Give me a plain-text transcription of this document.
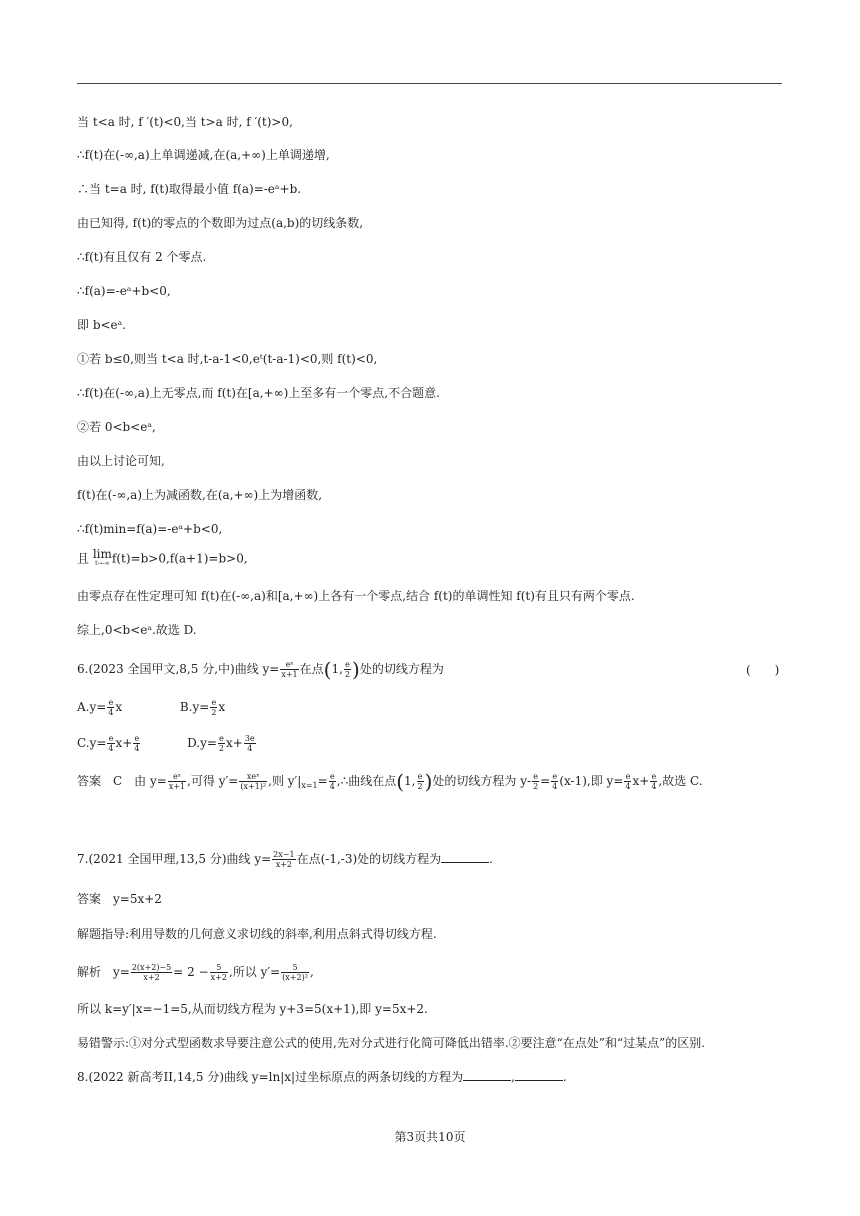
当 t<a 时, f ′(t)<0,当 t>a 时, f ′(t)>0,
∴f(t)在(-∞,a)上单调递减,在(a,+∞)上单调递增,
∴当 t=a 时, f(t)取得最小值 f(a)=-eᵃ+b.
由已知得, f(t)的零点的个数即为过点(a,b)的切线条数,
∴f(t)有且仅有 2 个零点.
∴f(a)=-eᵃ+b<0,
即 b<eᵃ.
①若 b≤0,则当 t<a 时,t-a-1<0,eᵗ(t-a-1)<0,则 f(t)<0,
∴f(t)在(-∞,a)上无零点,而 f(t)在[a,+∞)上至多有一个零点,不合题意.
②若 0<b<eᵃ,
由以上讨论可知,
f(t)在(-∞,a)上为减函数,在(a,+∞)上为增函数,
∴f(t)min=f(a)=-eᵃ+b<0,
且 lim
t→-∞ f(t)=b>0,f(a+1)=b>0,
由零点存在性定理可知 f(t)在(-∞,a)和[a,+∞)上各有一个零点,结合 f(t)的单调性知 f(t)有且只有两个零点.
综上,0<b<eᵃ.故选 D.
6.(2023 全国甲文,8,5 分,中)曲线 $y= \frac{\text{eˣ}}{x+1}$ 在点(1, $\frac{e}{2}$ )处的切线方程为	(　　)
$A.y= \frac{e}{4}$ x	$B.y= \frac{e}{2}$ x
$C.y= \frac{e}{4} x+ \frac{e}{4}$	$D.y= \frac{e}{2} x+ \frac{3e}{4}$
答案　C　由 $y= \frac{\text{eˣ}}{x+1}$ ,可得 y′=	xeˣ
(x+1)² ,则 $y'|_{x=1}= \frac{e}{4}$ ,∴曲线在点(1, $\frac{e}{2}$ )处的切线方程为 $y- \frac{e}{2} = \frac{e}{4} (x-1)$,即 $y= \frac{e}{4} x+ \frac{e}{4}$ ,故选 C.
7.(2021 全国甲理,13,5 分)曲线 $y= \frac{2x-1}{x+2}$ 在点(-1,-3)处的切线方程为	.
答案　y=5x+2
解题指导:利用导数的几何意义求切线的斜率,利用点斜式得切线方程.
解析　$y= \frac{2(x+2)-5}{x+2} = 2 - \frac{5}{x+2}$ ,所以 $y'= \frac{5}{\text{(x+2)²}}$ ,
所以 k=y′|x=−1=5,从而切线方程为 y+3=5(x+1),即 y=5x+2.
易错警示:①对分式型函数求导要注意公式的使用,先对分式进行化简可降低出错率.②要注意“在点处”和“过某点”的区别.
8.(2022 新高考II,14,5 分)曲线 y=ln|x|过坐标原点的两条切线的方程为	,	.
第3页共10页
